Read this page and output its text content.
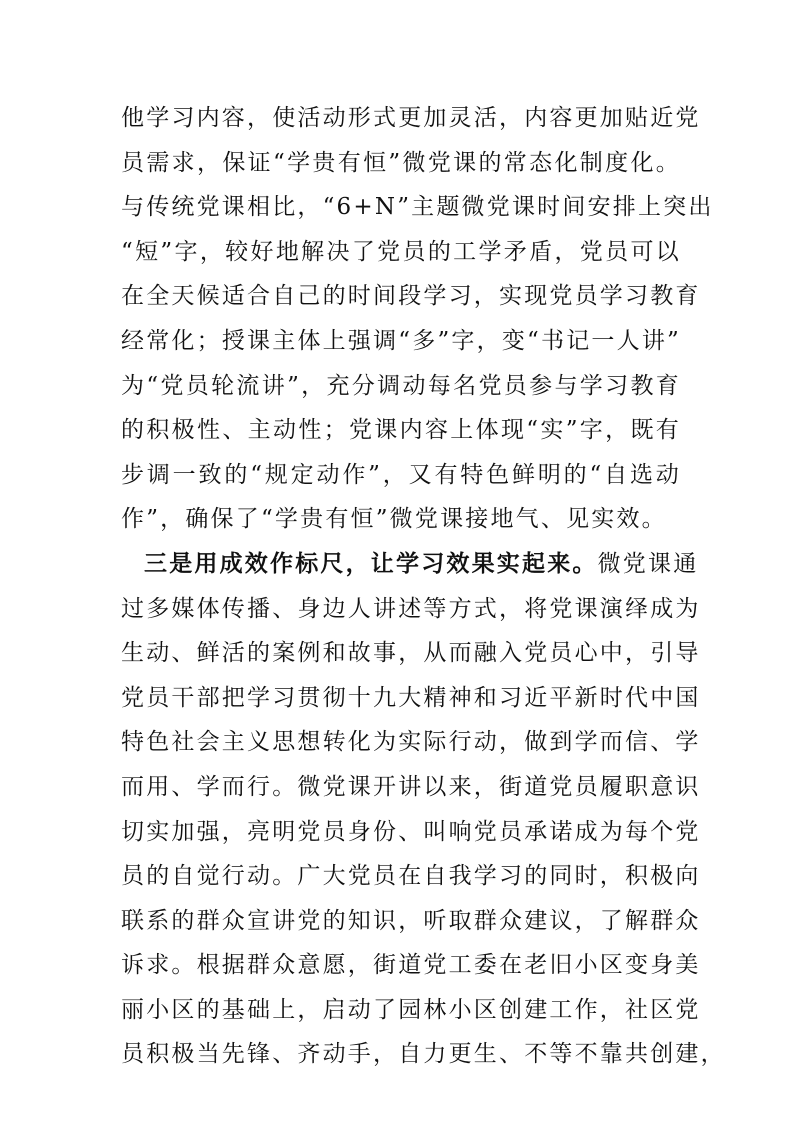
他学习内容，使活动形式更加灵活，内容更加贴近党
员需求，保证“学贵有恒”微党课的常态化制度化。
与传统党课相比，“6+N”主题微党课时间安排上突出
“短”字，较好地解决了党员的工学矛盾，党员可以
在全天候适合自己的时间段学习，实现党员学习教育
经常化；授课主体上强调“多”字，变“书记一人讲”
为“党员轮流讲”，充分调动每名党员参与学习教育
的积极性、主动性；党课内容上体现“实”字，既有
步调一致的“规定动作”，又有特色鲜明的“自选动
作”，确保了“学贵有恒”微党课接地气、见实效。
三是用成效作标尺，让学习效果实起来。微党课通
过多媒体传播、身边人讲述等方式，将党课演绎成为
生动、鲜活的案例和故事，从而融入党员心中，引导
党员干部把学习贯彻十九大精神和习近平新时代中国
特色社会主义思想转化为实际行动，做到学而信、学
而用、学而行。微党课开讲以来，街道党员履职意识
切实加强，亮明党员身份、叫响党员承诺成为每个党
员的自觉行动。广大党员在自我学习的同时，积极向
联系的群众宣讲党的知识，听取群众建议，了解群众
诉求。根据群众意愿，街道党工委在老旧小区变身美
丽小区的基础上，启动了园林小区创建工作，社区党
员积极当先锋、齐动手，自力更生、不等不靠共创建，
